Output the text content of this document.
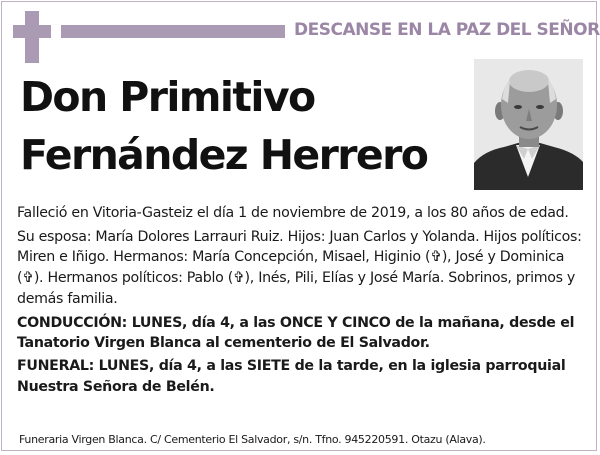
DESCANSE EN LA PAZ DEL SEÑOR
Don Primitivo
Fernández Herrero

Falleció en Vitoria-Gasteiz el día 1 de noviembre de 2019, a los 80 años de edad.

Su esposa: María Dolores Larrauri Ruiz. Hijos: Juan Carlos y Yolanda. Hijos políticos: Miren e Iñigo. Hermanos: María Concepción, Misael, Higinio (✞), José y Dominica (✞). Hermanos políticos: Pablo (✞), Inés, Pili, Elías y José María. Sobrinos, primos y demás familia.

CONDUCCIÓN: LUNES, día 4, a las ONCE Y CINCO de la mañana, desde el Tanatorio Virgen Blanca al cementerio de El Salvador.

FUNERAL: LUNES, día 4, a las SIETE de la tarde, en la iglesia parroquial Nuestra Señora de Belén.

Funeraria Virgen Blanca. C/ Cementerio El Salvador, s/n. Tfno. 945220591. Otazu (Alava).
